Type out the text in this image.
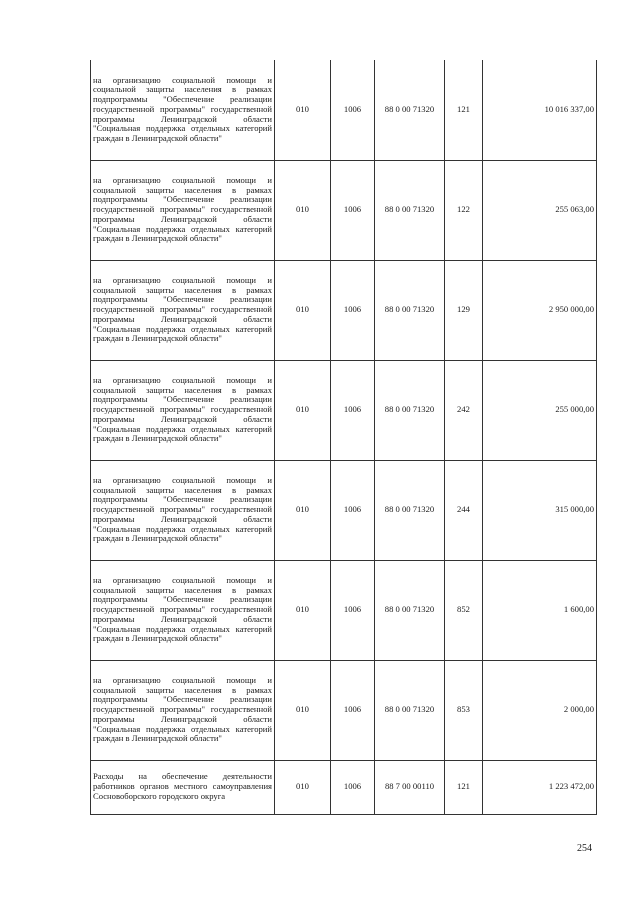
на организацию социальной помощи и социальной защиты населения в рамках подпрограммы "Обеспечение реализации государственной программы" государственной программы Ленинградской области "Социальная поддержка отдельных категорий граждан в Ленинградской области"	010	1006	88 0 00 71320	121	10 016 337,00
на организацию социальной помощи и социальной защиты населения в рамках подпрограммы "Обеспечение реализации государственной программы" государственной программы Ленинградской области "Социальная поддержка отдельных категорий граждан в Ленинградской области"	010	1006	88 0 00 71320	122	255 063,00
на организацию социальной помощи и социальной защиты населения в рамках подпрограммы "Обеспечение реализации государственной программы" государственной программы Ленинградской области "Социальная поддержка отдельных категорий граждан в Ленинградской области"	010	1006	88 0 00 71320	129	2 950 000,00
на организацию социальной помощи и социальной защиты населения в рамках подпрограммы "Обеспечение реализации государственной программы" государственной программы Ленинградской области "Социальная поддержка отдельных категорий граждан в Ленинградской области"	010	1006	88 0 00 71320	242	255 000,00
на организацию социальной помощи и социальной защиты населения в рамках подпрограммы "Обеспечение реализации государственной программы" государственной программы Ленинградской области "Социальная поддержка отдельных категорий граждан в Ленинградской области"	010	1006	88 0 00 71320	244	315 000,00
на организацию социальной помощи и социальной защиты населения в рамках подпрограммы "Обеспечение реализации государственной программы" государственной программы Ленинградской области "Социальная поддержка отдельных категорий граждан в Ленинградской области"	010	1006	88 0 00 71320	852	1 600,00
на организацию социальной помощи и социальной защиты населения в рамках подпрограммы "Обеспечение реализации государственной программы" государственной программы Ленинградской области "Социальная поддержка отдельных категорий граждан в Ленинградской области"	010	1006	88 0 00 71320	853	2 000,00
Расходы на обеспечение деятельности работников органов местного самоуправления Сосновоборского городского округа	010	1006	88 7 00 00110	121	1 223 472,00
254
